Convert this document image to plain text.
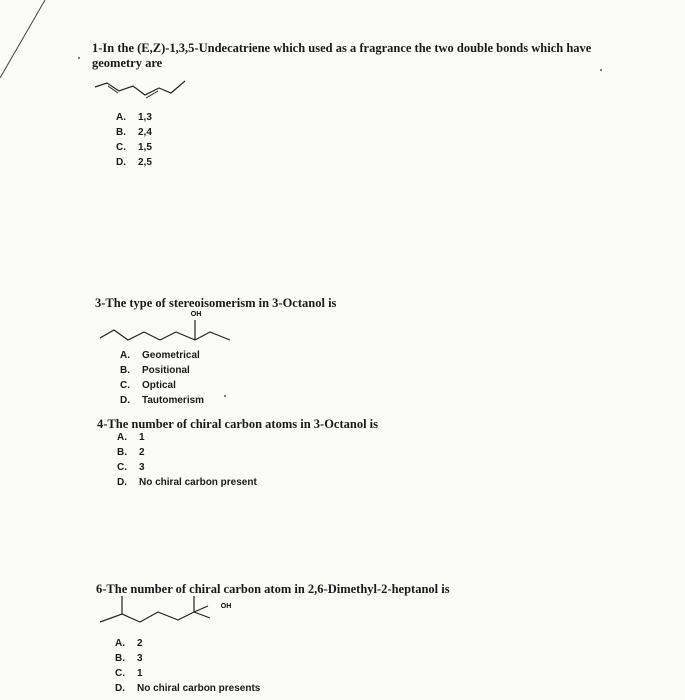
1-In the (E,Z)-1,3,5-Undecatriene which used as a fragrance the two double bonds which have geometry are
A.	1,3
B.	2,4
C.	1,5
D.	2,5
3-The type of stereoisomerism in 3-Octanol is
OH
A.	Geometrical
B.	Positional
C.	Optical
D.	Tautomerism
4-The number of chiral carbon atoms in 3-Octanol is
A.	1
B.	2
C.	3
D.	No chiral carbon present
6-The number of chiral carbon atom in 2,6-Dimethyl-2-heptanol is
OH
A.	2
B.	3
C.	1
D.	No chiral carbon presents
